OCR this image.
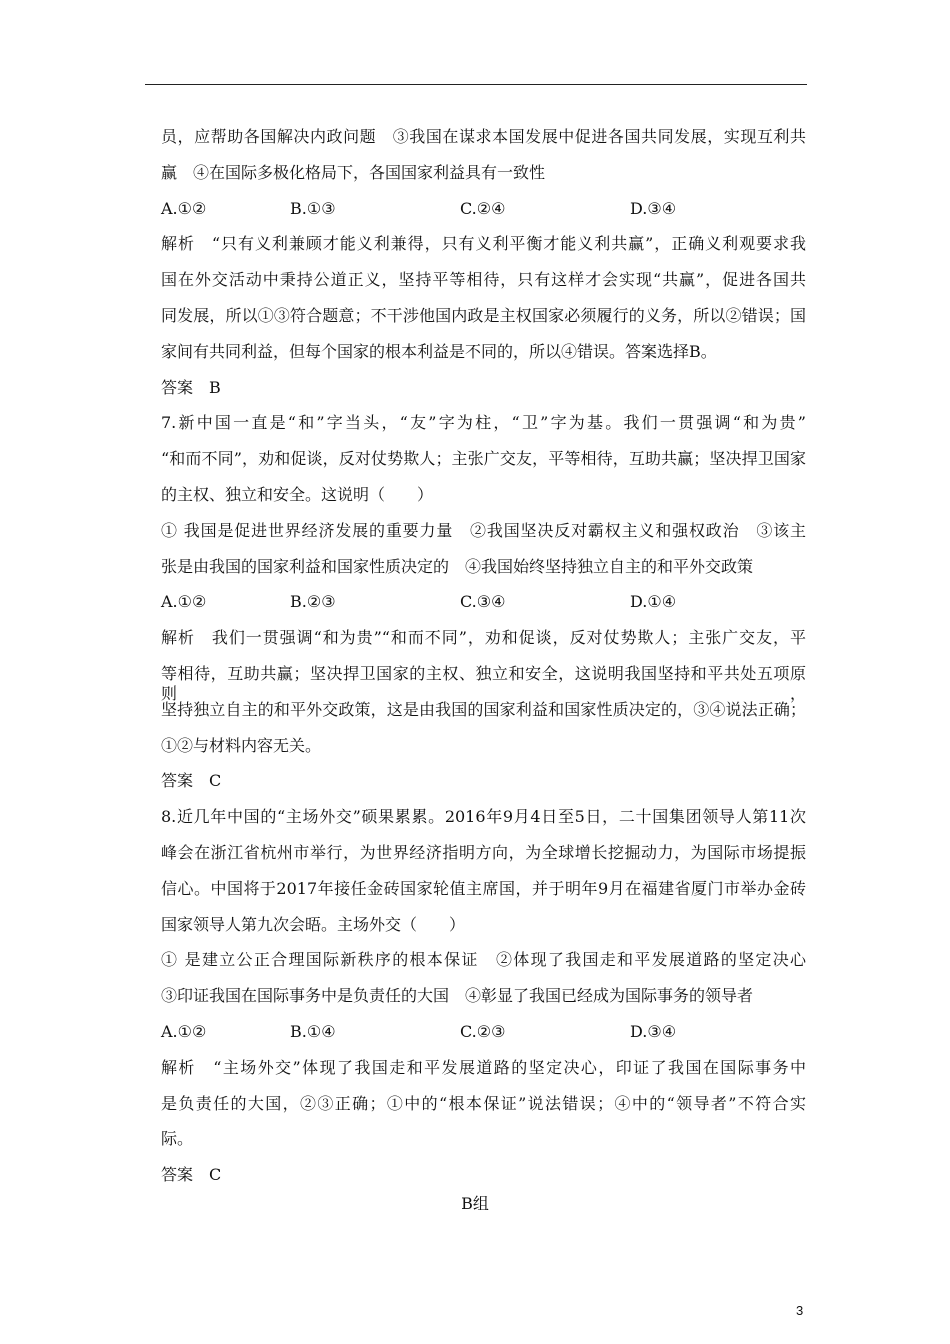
员，应帮助各国解决内政问题　③我国在谋求本国发展中促进各国共同发展，实现互利共
赢　④在国际多极化格局下，各国国家利益具有一致性
A.①②	B.①③	C.②④	D.③④
解析　“只有义利兼顾才能义利兼得，只有义利平衡才能义利共赢”，正确义利观要求我
国在外交活动中秉持公道正义，坚持平等相待，只有这样才会实现“共赢”，促进各国共
同发展，所以①③符合题意；不干涉他国内政是主权国家必须履行的义务，所以②错误；国
家间有共同利益，但每个国家的根本利益是不同的，所以④错误。答案选择B。
答案　B
7.新中国一直是“和”字当头，“友”字为柱，“卫”字为基。我们一贯强调“和为贵”
“和而不同”，劝和促谈，反对仗势欺人；主张广交友，平等相待，互助共赢；坚决捍卫国家
的主权、独立和安全。这说明（　　）
① 我国是促进世界经济发展的重要力量　②我国坚决反对霸权主义和强权政治　③该主
张是由我国的国家利益和国家性质决定的　④我国始终坚持独立自主的和平外交政策
A.①②	B.②③	C.③④	D.①④
解析　我们一贯强调“和为贵”“和而不同”，劝和促谈，反对仗势欺人；主张广交友，平
等相待，互助共赢；坚决捍卫国家的主权、独立和安全，这说明我国坚持和平共处五项原则，
坚持独立自主的和平外交政策，这是由我国的国家利益和国家性质决定的，③④说法正确；
①②与材料内容无关。
答案　C
8.近几年中国的“主场外交”硕果累累。2016年9月4日至5日，二十国集团领导人第11次
峰会在浙江省杭州市举行，为世界经济指明方向，为全球增长挖掘动力，为国际市场提振
信心。中国将于2017年接任金砖国家轮值主席国，并于明年9月在福建省厦门市举办金砖
国家领导人第九次会晤。主场外交（　　）
① 是建立公正合理国际新秩序的根本保证　②体现了我国走和平发展道路的坚定决心
③印证我国在国际事务中是负责任的大国　④彰显了我国已经成为国际事务的领导者
A.①②	B.①④	C.②③	D.③④
解析　“主场外交”体现了我国走和平发展道路的坚定决心，印证了我国在国际事务中
是负责任的大国，②③正确；①中的“根本保证”说法错误；④中的“领导者”不符合实
际。
答案　C
B组
3
